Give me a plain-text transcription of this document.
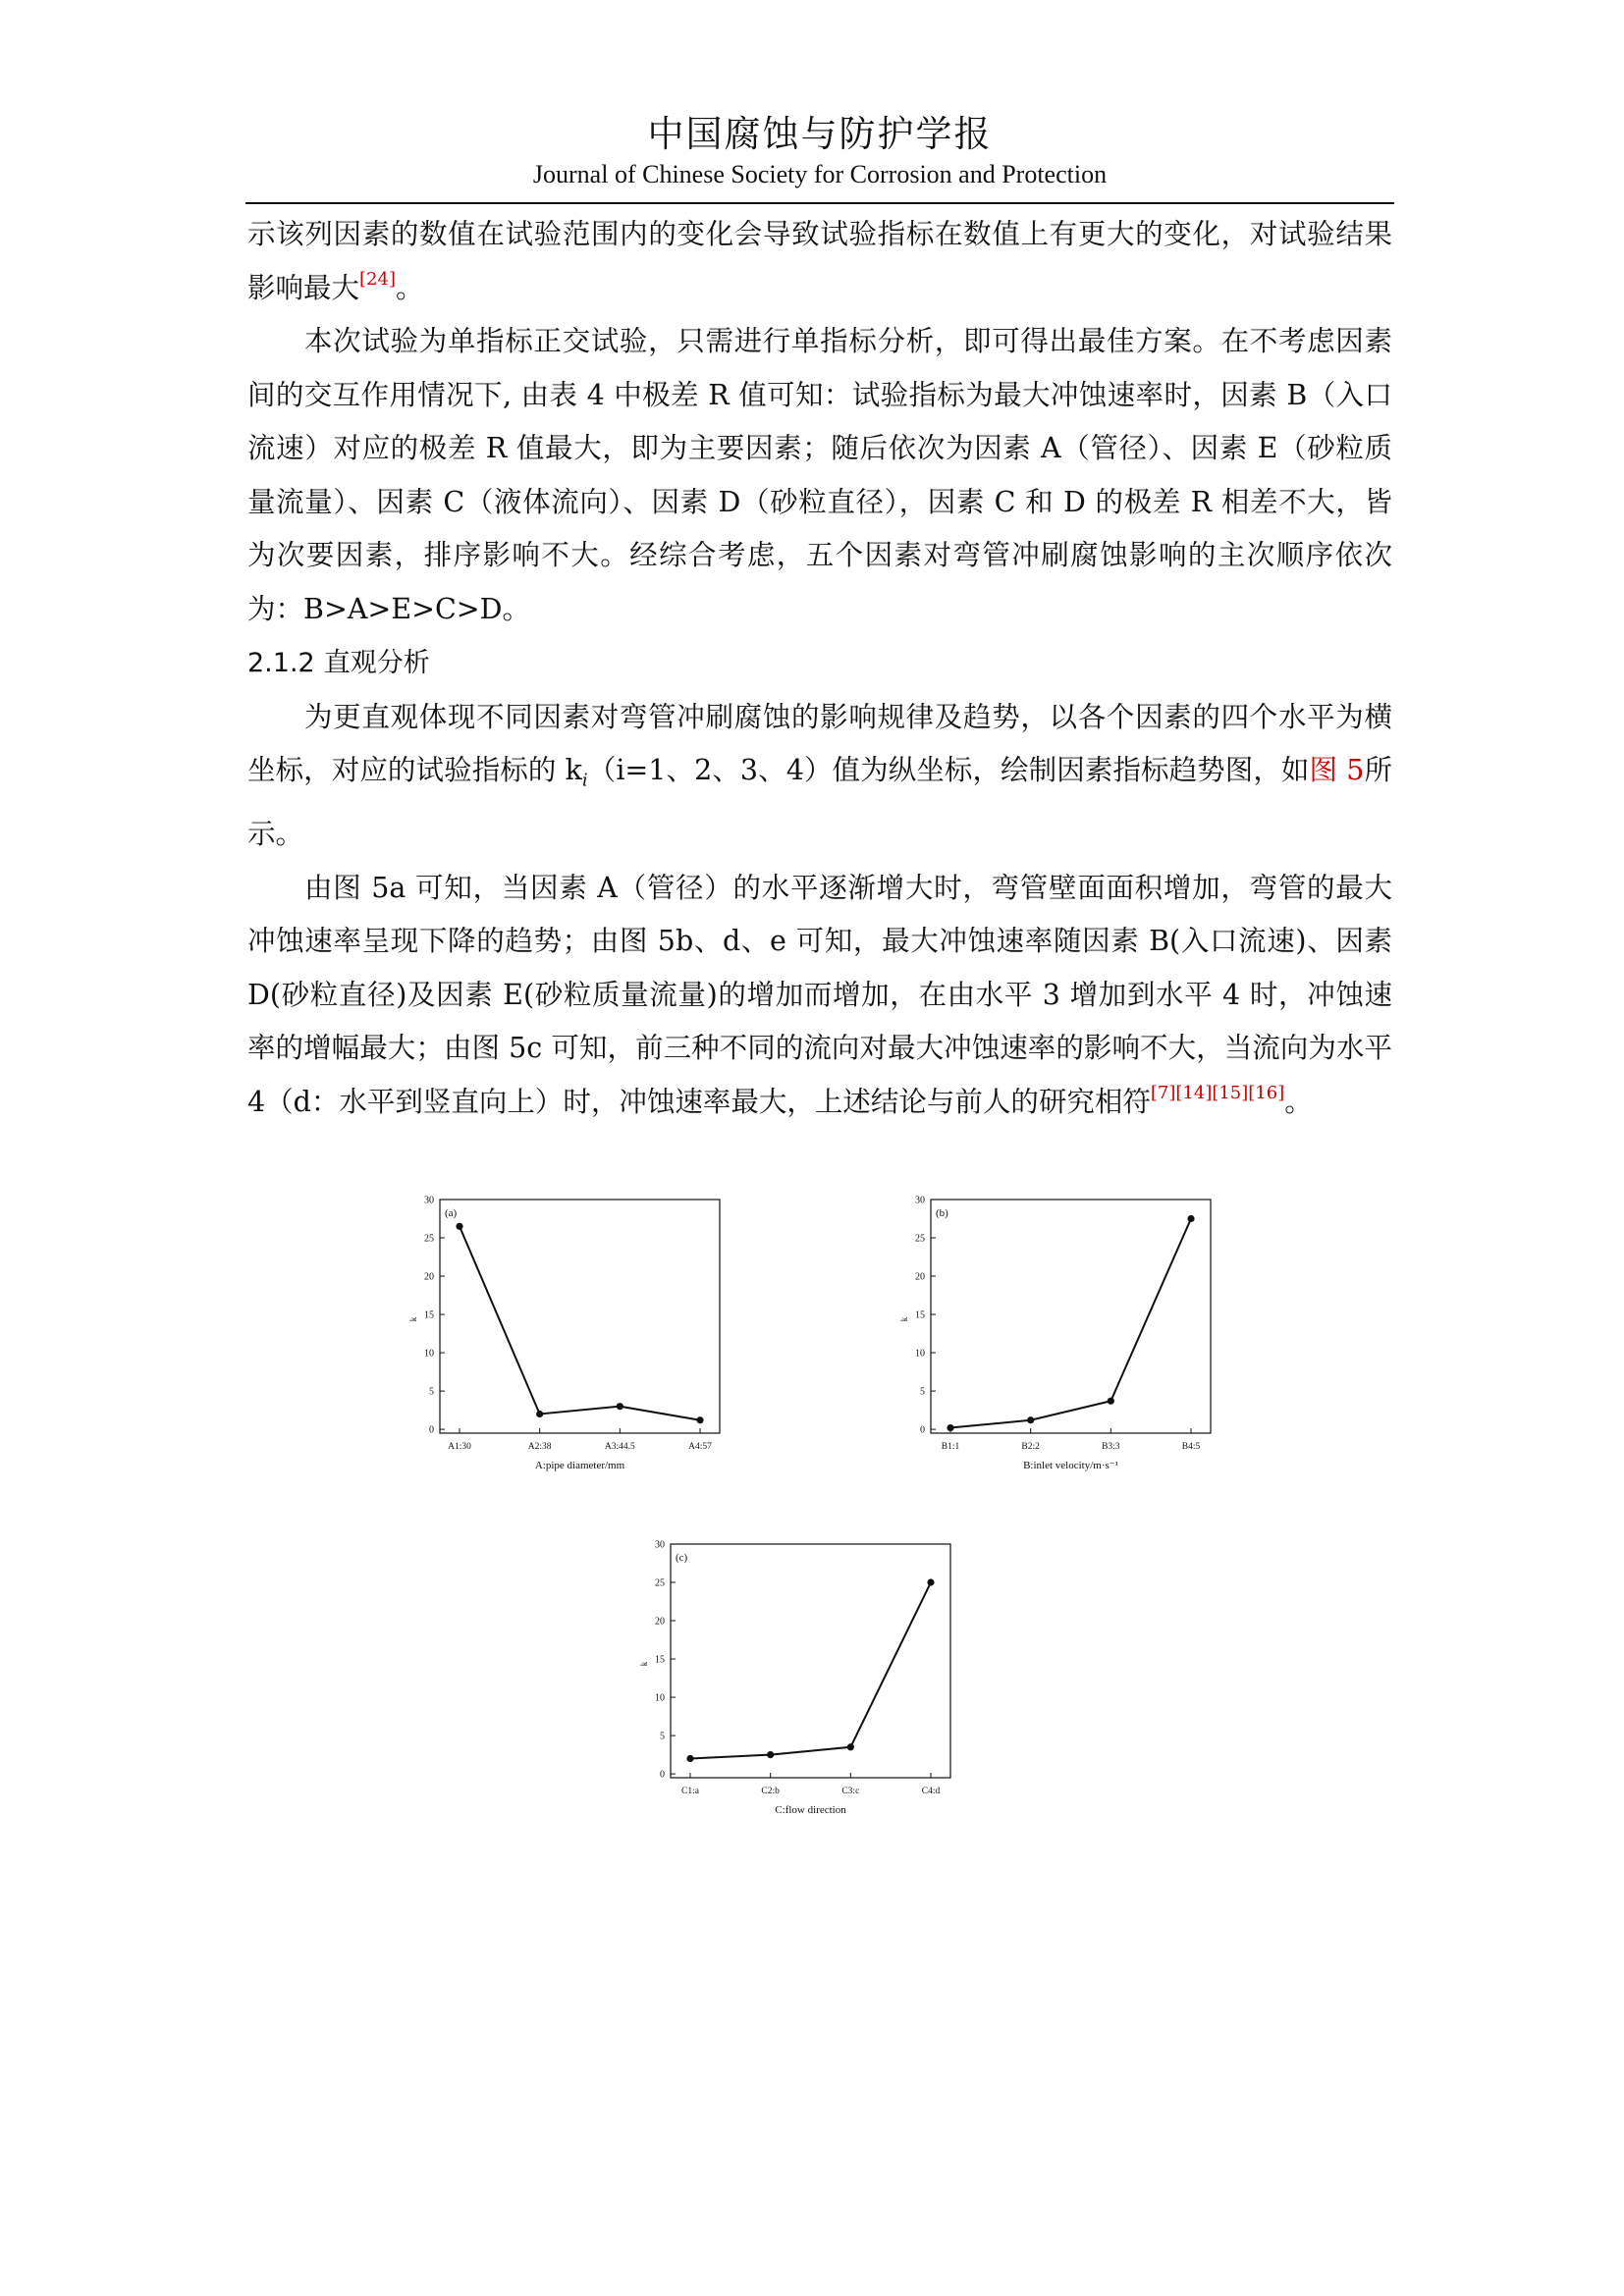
中国腐蚀与防护学报
Journal of Chinese Society for Corrosion and Protection

示该列因素的数值在试验范围内的变化会导致试验指标在数值上有更大的变化，对试验结果影响最大[24]。

本次试验为单指标正交试验，只需进行单指标分析，即可得出最佳方案。在不考虑因素间的交互作用情况下, 由表 4 中极差 R 值可知：试验指标为最大冲蚀速率时，因素 B（入口流速）对应的极差 R 值最大，即为主要因素；随后依次为因素 A（管径）、因素 E（砂粒质量流量）、因素 C（液体流向）、因素 D（砂粒直径），因素 C 和 D 的极差 R 相差不大，皆为次要因素，排序影响不大。经综合考虑，五个因素对弯管冲刷腐蚀影响的主次顺序依次为：B>A>E>C>D。

2.1.2 直观分析

为更直观体现不同因素对弯管冲刷腐蚀的影响规律及趋势，以各个因素的四个水平为横坐标，对应的试验指标的 $k_i(i=1$、2、3、4）值为纵坐标，绘制因素指标趋势图，如图 5所示。

由图 5a 可知，当因素 A（管径）的水平逐渐增大时，弯管壁面面积增加，弯管的最大冲蚀速率呈现下降的趋势；由图 5b、d、e 可知，最大冲蚀速率随因素 B(入口流速)、因素D(砂粒直径)及因素 E(砂粒质量流量)的增加而增加，在由水平 3 增加到水平 4 时，冲蚀速率的增幅最大；由图 5c 可知，前三种不同的流向对最大冲蚀速率的影响不大，当流向为水平 4（d：水平到竖直向上）时，冲蚀速率最大，上述结论与前人的研究相符[7][14][15][16]。

0
5
10
15
20
25
30
A1:30	A2:38	A3:44.5	A4:57
(a)
A:pipe diameter/mm
k
0
5
10
15
20
25
30
B1:1	B2:2	B3:3	B4:5
(b)
B:inlet velocity/m·s⁻¹
k
0
5
10
15
20
25
30
C1:a	C2:b	C3:c	C4:d
(c)
C:flow direction
k
